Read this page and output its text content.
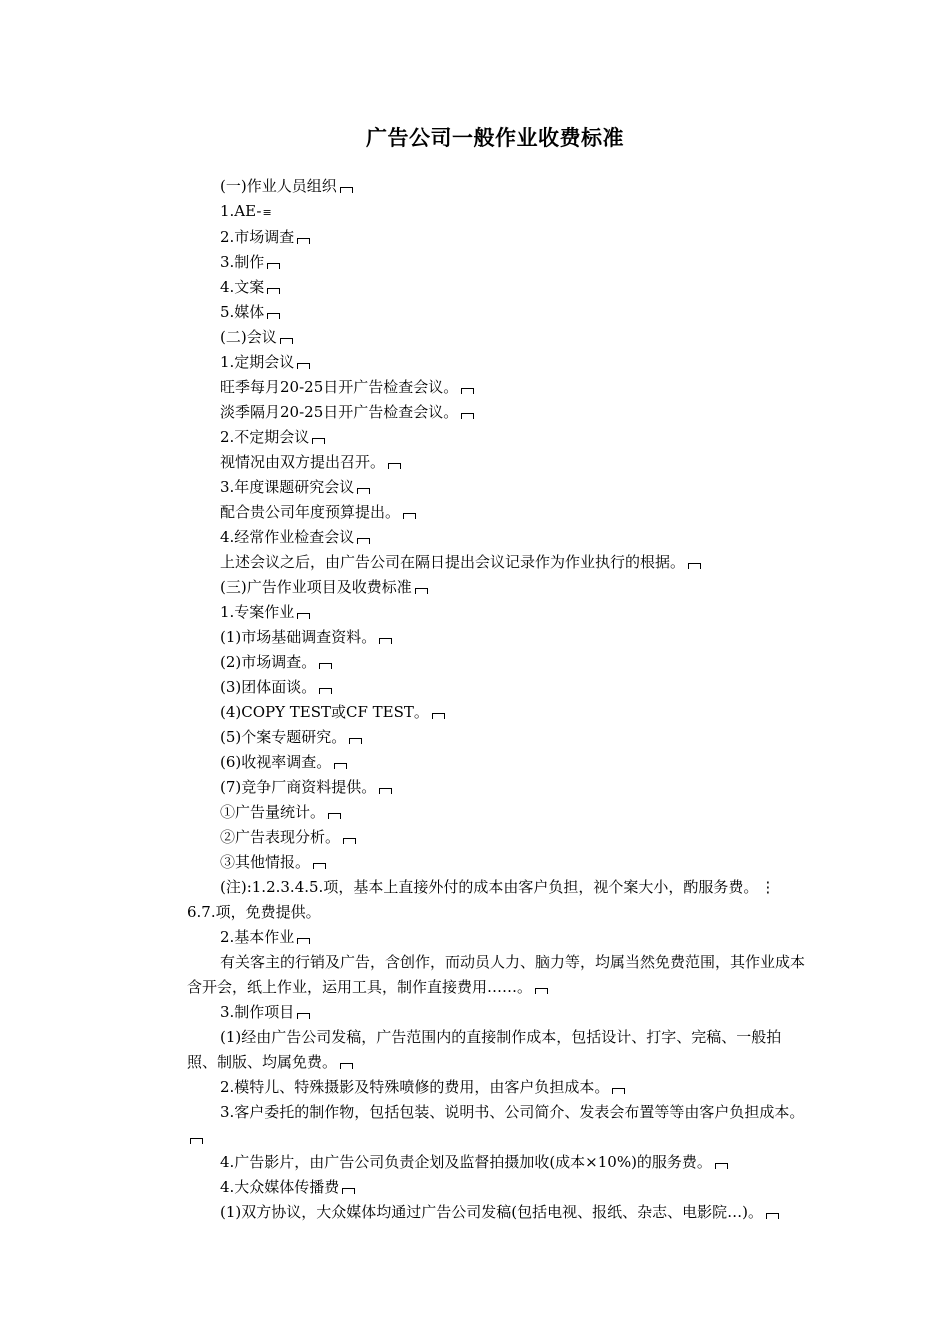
广告公司一般作业收费标准

(一)作业人员组织

1.AE-≡

2.市场调查

3.制作

4.文案

5.媒体

(二)会议

1.定期会议

旺季每月20-25日开广告检查会议。

淡季隔月20-25日开广告检查会议。

2.不定期会议

视情况由双方提出召开。

3.年度课题研究会议

配合贵公司年度预算提出。

4.经常作业检查会议

上述会议之后，由广告公司在隔日提出会议记录作为作业执行的根据。

(三)广告作业项目及收费标准

1.专案作业

(1)市场基础调查资料。

(2)市场调查。

(3)团体面谈。

(4)COPY TEST或CF TEST。

(5)个案专题研究。

(6)收视率调查。

(7)竞争厂商资料提供。

①广告量统计。

②广告表现分析。

③其他情报。

(注):1.2.3.4.5.项，基本上直接外付的成本由客户负担，视个案大小，酌服务费。 ⋮

6.7.项，免费提供。

2.基本作业

有关客主的行销及广告，含创作，而动员人力、脑力等，均属当然免费范围，其作业成本含开会，纸上作业，运用工具，制作直接费用……。

3.制作项目

(1)经由广告公司发稿，广告范围内的直接制作成本，包括设计、打字、完稿、一般拍照、制版、均属免费。

2.模特儿、特殊摄影及特殊喷修的费用，由客户负担成本。

3.客户委托的制作物，包括包装、说明书、公司简介、发表会布置等等由客户负担成本。

4.广告影片，由广告公司负责企划及监督拍摄加收(成本×10%)的服务费。

4.大众媒体传播费

(1)双方协议，大众媒体均通过广告公司发稿(包括电视、报纸、杂志、电影院…)。
